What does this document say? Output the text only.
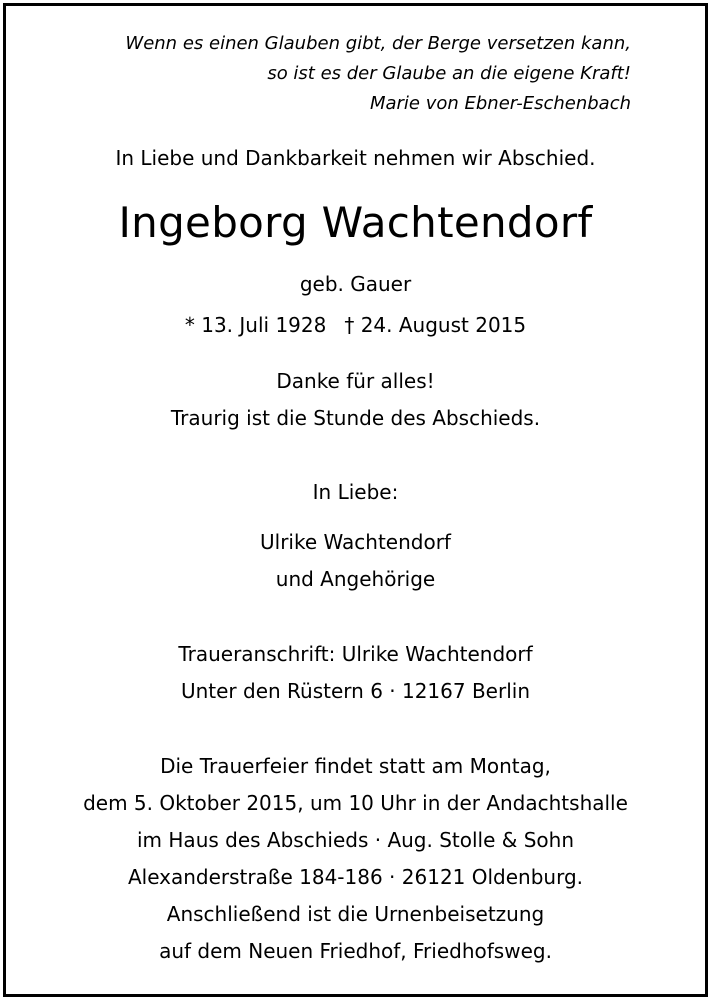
Wenn es einen Glauben gibt, der Berge versetzen kann,
so ist es der Glaube an die eigene Kraft!
Marie von Ebner-Eschenbach
In Liebe und Dankbarkeit nehmen wir Abschied.
Ingeborg Wachtendorf
geb. Gauer
* 13. Juli 1928 † 24. August 2015
Danke für alles!
Traurig ist die Stunde des Abschieds.
In Liebe:
Ulrike Wachtendorf
und Angehörige
Traueranschrift: Ulrike Wachtendorf
Unter den Rüstern 6 · 12167 Berlin
Die Trauerfeier findet statt am Montag,
dem 5. Oktober 2015, um 10 Uhr in der Andachtshalle
im Haus des Abschieds · Aug. Stolle & Sohn
Alexanderstraße 184-186 · 26121 Oldenburg.
Anschließend ist die Urnenbeisetzung
auf dem Neuen Friedhof, Friedhofsweg.
